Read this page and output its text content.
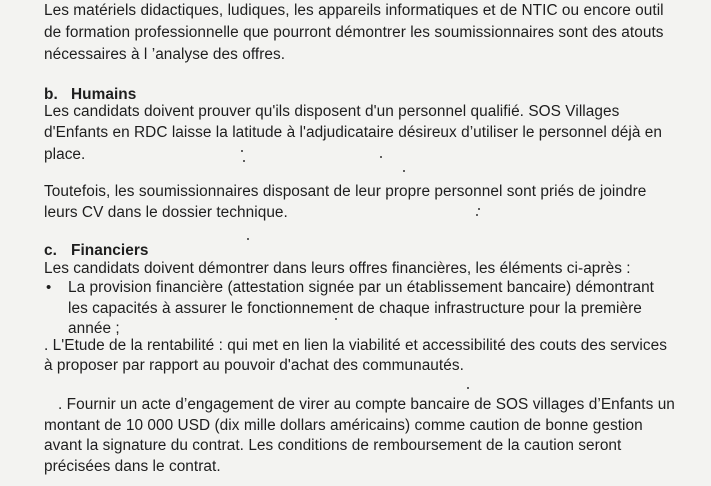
Les matériels didactiques, ludiques, les appareils informatiques et de NTIC ou encore outil

de formation professionnelle que pourront démontrer les soumissionnaires sont des atouts

nécessaires à l ’analyse des offres.

b. Humains

Les candidats doivent prouver qu'ils disposent d'un personnel qualifié. SOS Villages

d'Enfants en RDC laisse la latitude à l'adjudicataire désireux d’utiliser le personnel déjà en

place.

Toutefois, les soumissionnaires disposant de leur propre personnel sont priés de joindre

leurs CV dans le dossier technique.

c. Financiers

Les candidats doivent démontrer dans leurs offres financières, les éléments ci-après :

• La provision financière (attestation signée par un établissement bancaire) démontrant

les capacités à assurer le fonctionnement de chaque infrastructure pour la première

année ;

. L'Etude de la rentabilité : qui met en lien la viabilité et accessibilité des couts des services

à proposer par rapport au pouvoir d'achat des communautés.

. Fournir un acte d’engagement de virer au compte bancaire de SOS villages d’Enfants un

montant de 10 000 USD (dix mille dollars américains) comme caution de bonne gestion

avant la signature du contrat. Les conditions de remboursement de la caution seront

précisées dans le contrat.
